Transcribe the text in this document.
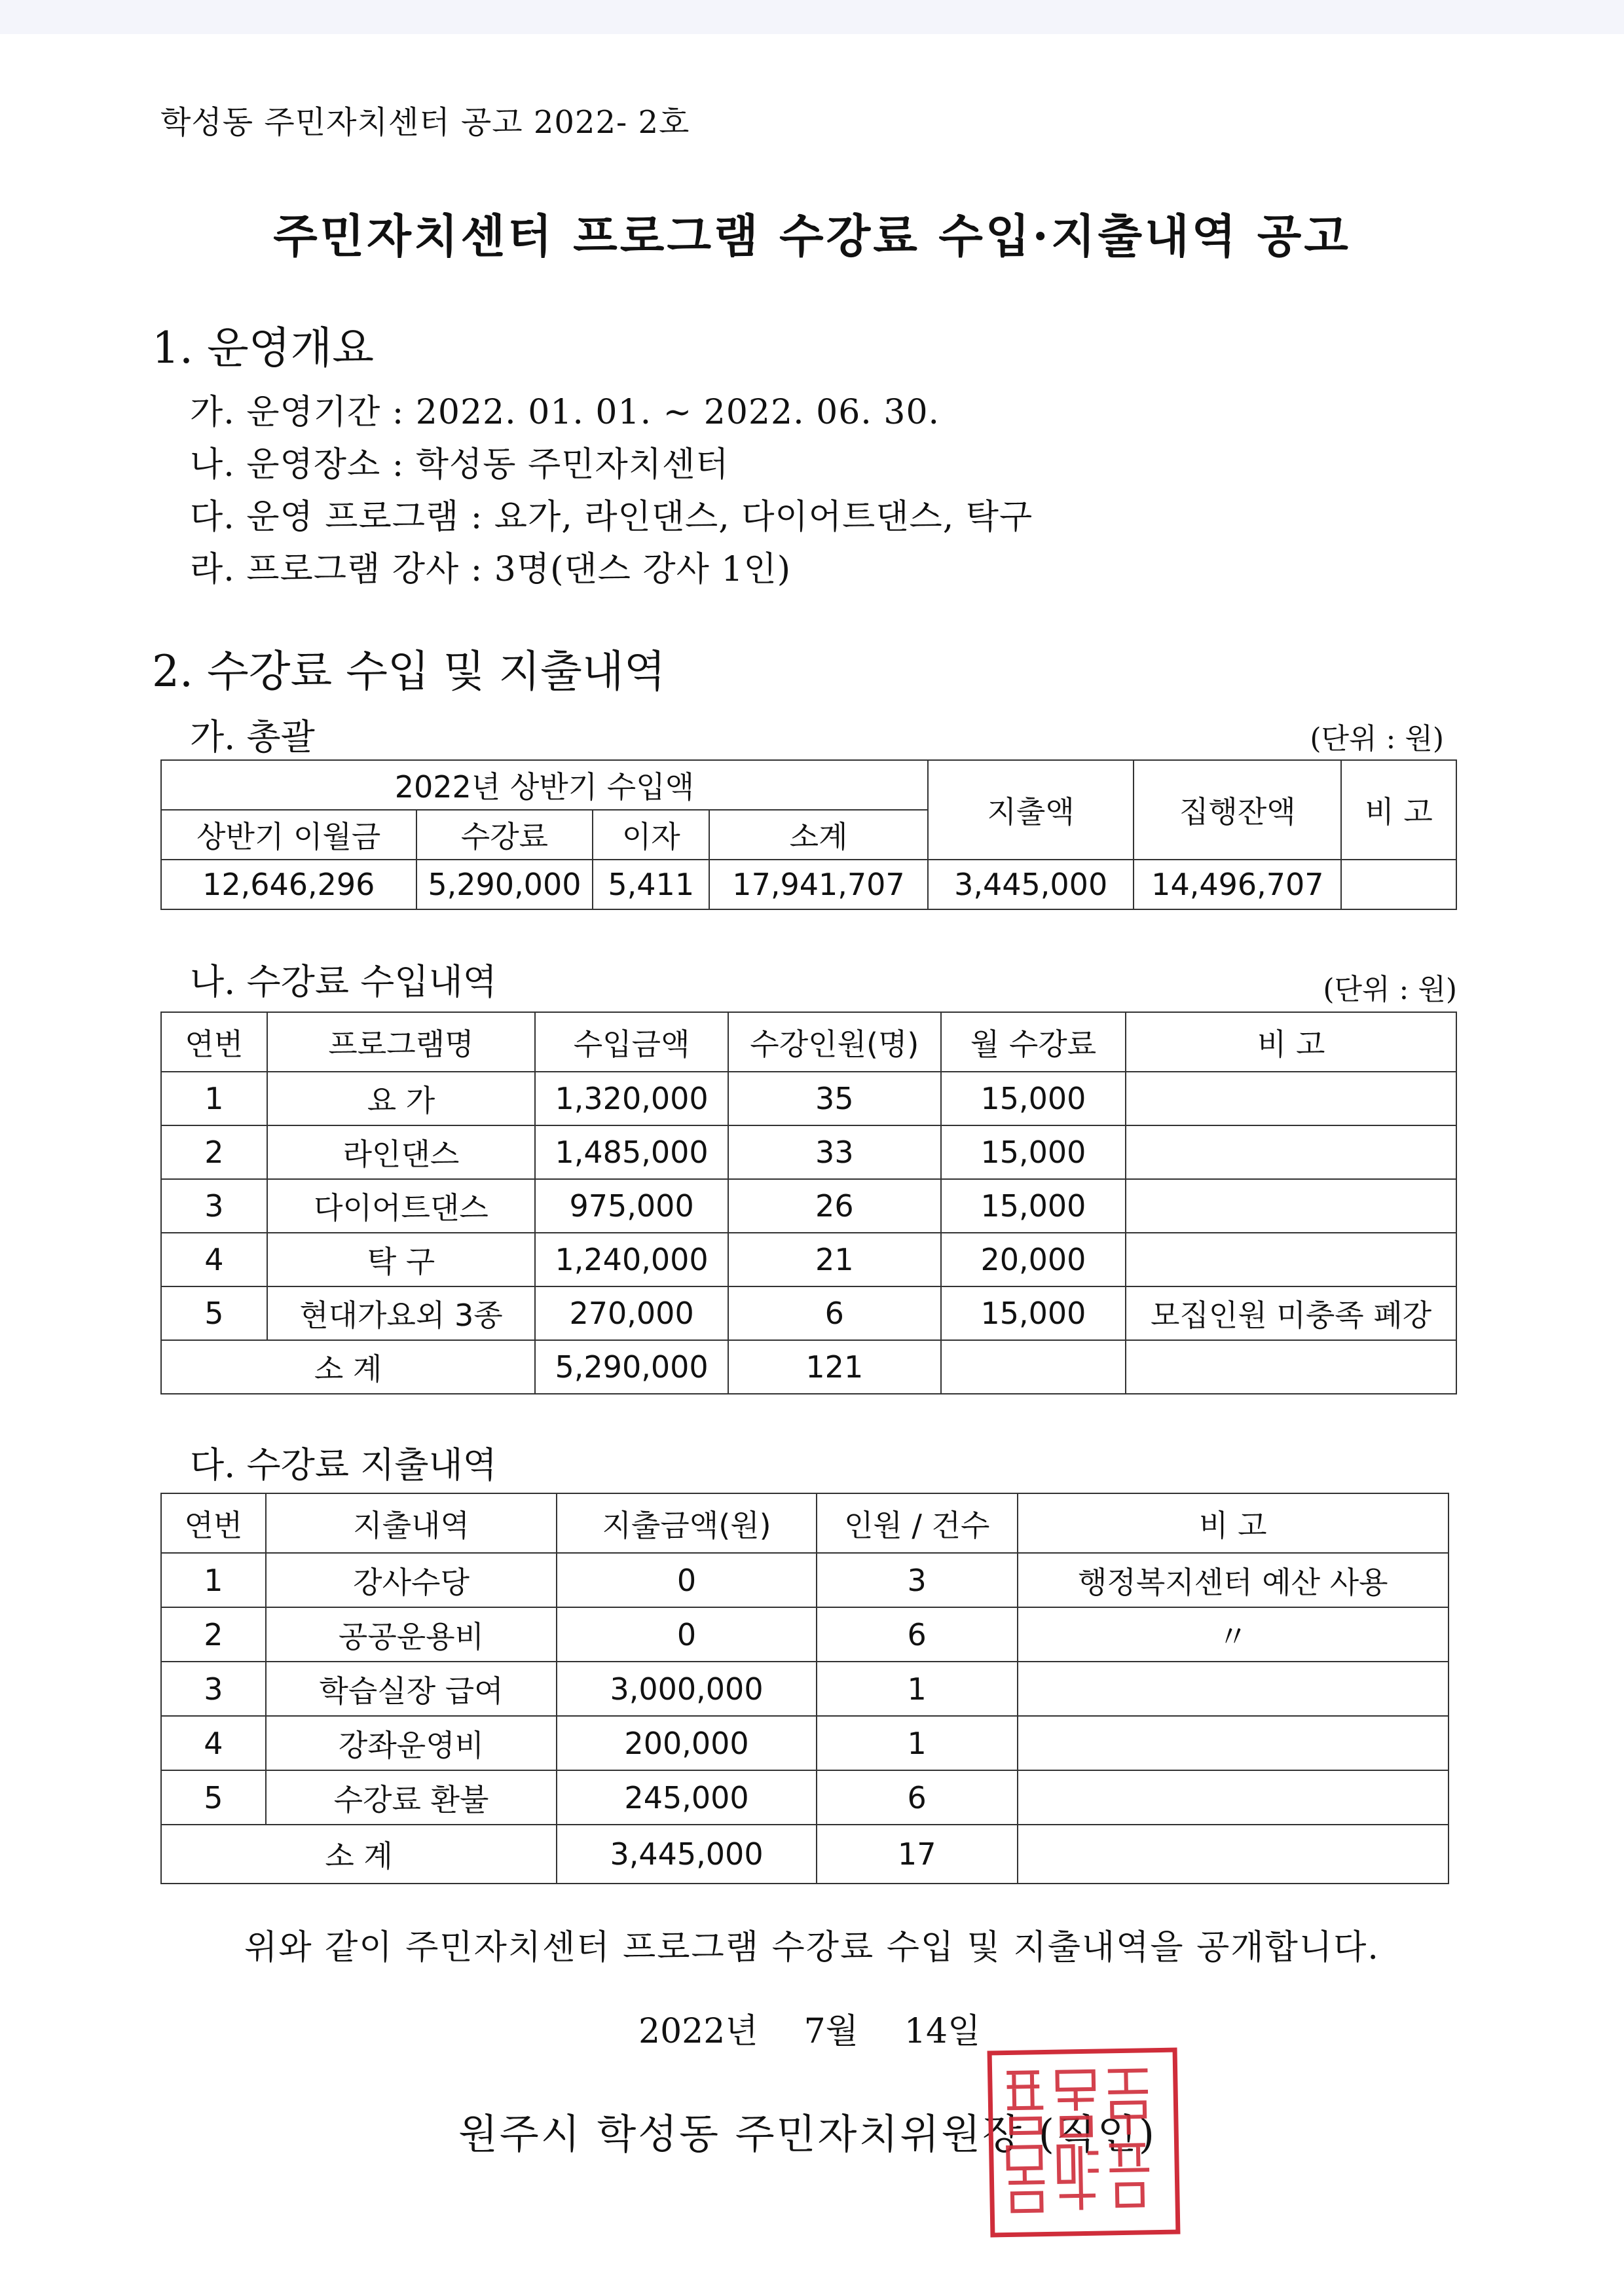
학성동 주민자치센터 공고 2022- 2호
주민자치센터 프로그램 수강료 수입·지출내역 공고
1. 운영개요
가. 운영기간 : 2022. 01. 01. ~ 2022. 06. 30.
나. 운영장소 : 학성동 주민자치센터
다. 운영 프로그램 : 요가, 라인댄스, 다이어트댄스, 탁구
라. 프로그램 강사 : 3명(댄스 강사 1인)
2. 수강료 수입 및 지출내역
가. 총괄	(단위 : 원)
2022년 상반기 수입액				지출액	집행잔액	비 고
상반기 이월금	수강료	이자	소계			
12,646,296	5,290,000	5,411	17,941,707	3,445,000	14,496,707	
나. 수강료 수입내역	(단위 : 원)
연번	프로그램명	수입금액	수강인원(명)	월 수강료	비 고
1	요 가	1,320,000	35	15,000	
2	라인댄스	1,485,000	33	15,000	
3	다이어트댄스	975,000	26	15,000	
4	탁 구	1,240,000	21	20,000	
5	현대가요외 3종	270,000	6	15,000	모집인원 미충족 폐강
소 계		5,290,000	121		
다. 수강료 지출내역
연번	지출내역	지출금액(원)	인원 / 건수	비 고
1	강사수당	0	3	행정복지센터 예산 사용
2	공공운용비	0	6	〃
3	학습실장 급여	3,000,000	1	
4	강좌운영비	200,000	1	
5	수강료 환불	245,000	6	
소 계		3,445,000	17	
위와 같이 주민자치센터 프로그램 수강료 수입 및 지출내역을 공개합니다.
2022년 7월 14일
원주시 학성동 주민자치위원장 (직인)
